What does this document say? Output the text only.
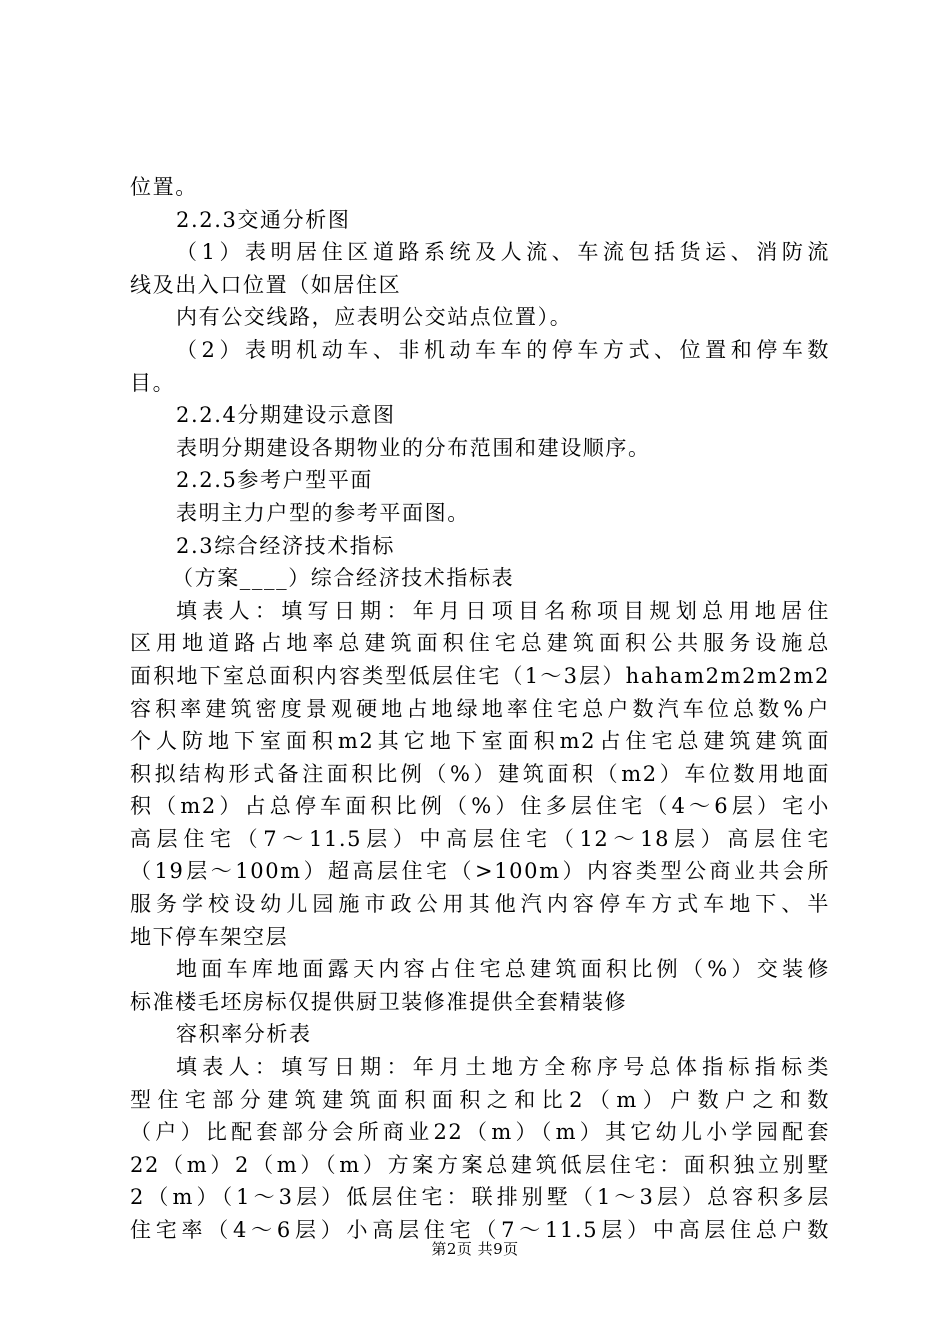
位置。
2.2.3交通分析图
（1）表明居住区道路系统及人流、车流包括货运、消防流
线及出入口位置（如居住区
内有公交线路，应表明公交站点位置）。
（2）表明机动车、非机动车车的停车方式、位置和停车数
目。
2.2.4分期建设示意图
表明分期建设各期物业的分布范围和建设顺序。
2.2.5参考户型平面
表明主力户型的参考平面图。
2.3综合经济技术指标
（方案____）综合经济技术指标表
填表人：填写日期：年月日项目名称项目规划总用地居住
区用地道路占地率总建筑面积住宅总建筑面积公共服务设施总
面积地下室总面积内容类型低层住宅（1～3层）haham2m2m2m2
容积率建筑密度景观硬地占地绿地率住宅总户数汽车位总数%户
个人防地下室面积m2其它地下室面积m2占住宅总建筑建筑面
积拟结构形式备注面积比例（%）建筑面积（m2）车位数用地面
积（m2）占总停车面积比例（%）住多层住宅（4～6层）宅小
高层住宅（7～11.5层）中高层住宅（12～18层）高层住宅
（19层～100m）超高层住宅（>100m）内容类型公商业共会所
服务学校设幼儿园施市政公用其他汽内容停车方式车地下、半
地下停车架空层
地面车库地面露天内容占住宅总建筑面积比例（%）交装修
标准楼毛坯房标仅提供厨卫装修准提供全套精装修
容积率分析表
填表人：填写日期：年月土地方全称序号总体指标指标类
型住宅部分建筑建筑面积面积之和比2（m）户数户之和数
（户）比配套部分会所商业22（m）（m）其它幼儿小学园配套
22（m）2（m）（m）方案方案总建筑低层住宅：面积独立别墅
2（m）（1～3层）低层住宅：联排别墅（1～3层）总容积多层
住宅率（4～6层）小高层住宅（7～11.5层）中高层住总户数
第2页 共9页
